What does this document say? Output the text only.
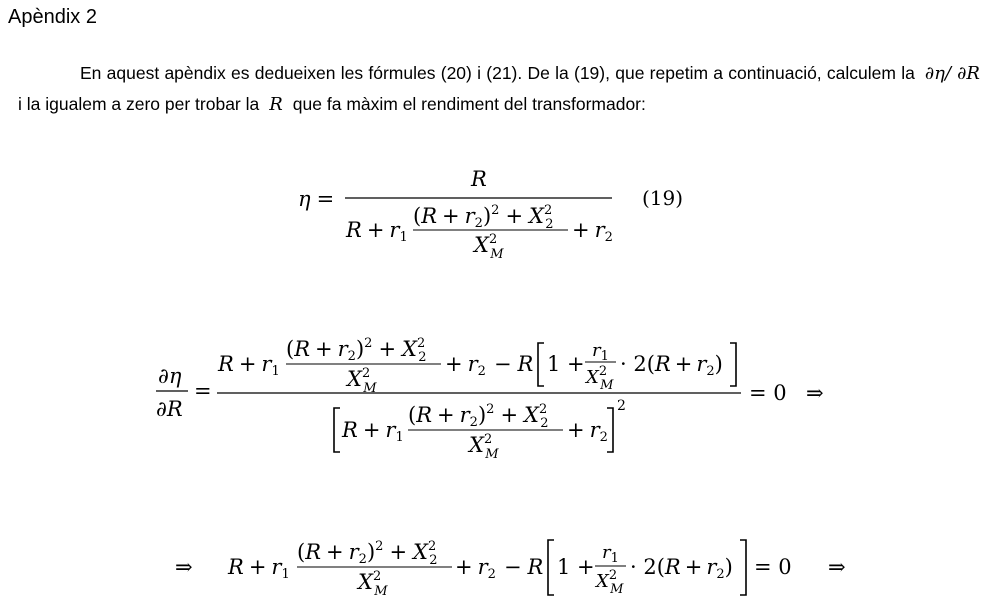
Apèndix 2
En aquest apèndix es dedueixen les fórmules (20) i (21). De la (19), que repetim a continuació, calculem la ∂η/ ∂Ri la igualem a zero per trobar la R que fa màxim el rendiment del transformador:
η =
R
R + r1
$(R + r2)^2 + X^2$ 2
$X^2$ M
+ r2
(19)
∂η
∂R
=
R + r1
$(R + r2)^2 + X^2$ 2
$X^2$ M
+ r2 − R 1 +
$r_1$
$X^2$ M
· 2(R + r2)
R + r1
$(R + r2)^2 + X^2$ 2
$X^2$ M
+ r2
2
= 0 ⇒
⇒ R + r1
$(R + r2)^2 + X^2$ 2
$X^2$ M
+ r2 − R 1 +
$r_1$
$X^2$ M
· 2(R + r2) = 0 ⇒
